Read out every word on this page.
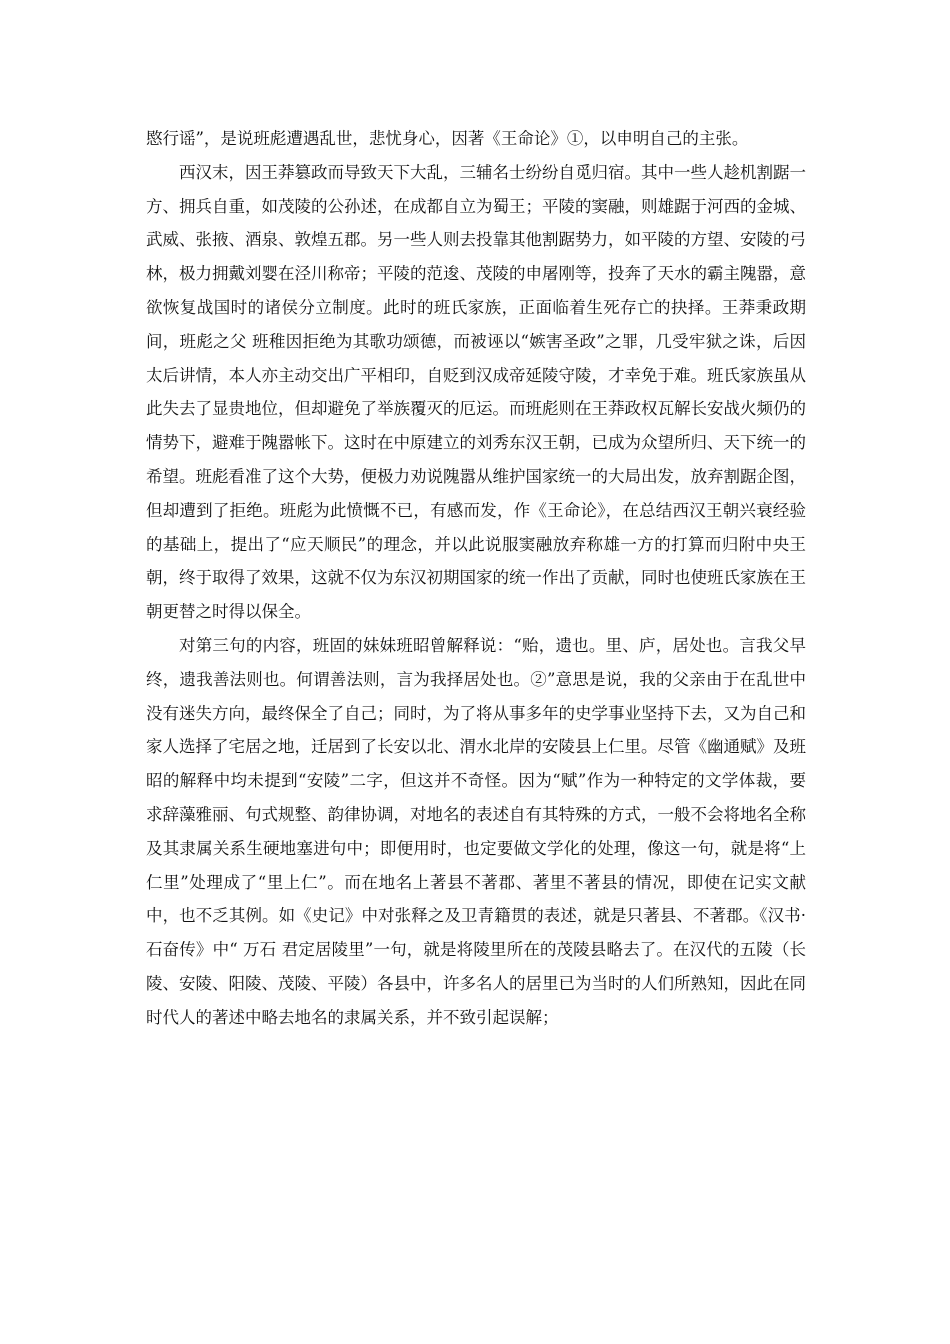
愍行谣”，是说班彪遭遇乱世，悲忧身心，因著《王命论》①，以申明自己的主张。

西汉末，因王莽篡政而导致天下大乱，三辅名士纷纷自觅归宿。其中一些人趁机割踞一方、拥兵自重，如茂陵的公孙述，在成都自立为蜀王；平陵的窦融，则雄踞于河西的金城、武威、张掖、酒泉、敦煌五郡。另一些人则去投靠其他割踞势力，如平陵的方望、安陵的弓林，极力拥戴刘婴在泾川称帝；平陵的范逡、茂陵的申屠刚等，投奔了天水的霸主隗嚣，意欲恢复战国时的诸侯分立制度。此时的班氏家族，正面临着生死存亡的抉择。王莽秉政期间，班彪之父 班稚因拒绝为其歌功颂德，而被诬以“嫉害圣政”之罪，几受牢狱之诛，后因太后讲情，本人亦主动交出广平相印，自贬到汉成帝延陵守陵，才幸免于难。班氏家族虽从此失去了显贵地位，但却避免了举族覆灭的厄运。而班彪则在王莽政权瓦解长安战火频仍的情势下，避难于隗嚣帐下。这时在中原建立的刘秀东汉王朝，已成为众望所归、天下统一的希望。班彪看准了这个大势，便极力劝说隗嚣从维护国家统一的大局出发，放弃割踞企图，但却遭到了拒绝。班彪为此愤慨不已，有感而发，作《王命论》，在总结西汉王朝兴衰经验的基础上，提出了“应天顺民”的理念，并以此说服窦融放弃称雄一方的打算而归附中央王朝，终于取得了效果，这就不仅为东汉初期国家的统一作出了贡献，同时也使班氏家族在王朝更替之时得以保全。

对第三句的内容，班固的妹妹班昭曾解释说：“贻，遗也。里、庐，居处也。言我父早终，遗我善法则也。何谓善法则，言为我择居处也。②”意思是说，我的父亲由于在乱世中没有迷失方向，最终保全了自己；同时，为了将从事多年的史学事业坚持下去，又为自己和家人选择了宅居之地，迁居到了长安以北、渭水北岸的安陵县上仁里。尽管《幽通赋》及班昭的解释中均未提到“安陵”二字，但这并不奇怪。因为“赋”作为一种特定的文学体裁，要求辞藻雅丽、句式规整、韵律协调，对地名的表述自有其特殊的方式，一般不会将地名全称及其隶属关系生硬地塞进句中；即便用时，也定要做文学化的处理，像这一句，就是将“上仁里”处理成了“里上仁”。而在地名上著县不著郡、著里不著县的情况，即使在记实文献中，也不乏其例。如《史记》中对张释之及卫青籍贯的表述，就是只著县、不著郡。《汉书·石奋传》中“ 万石 君定居陵里”一句，就是将陵里所在的茂陵县略去了。在汉代的五陵（长陵、安陵、阳陵、茂陵、平陵）各县中，许多名人的居里已为当时的人们所熟知，因此在同时代人的著述中略去地名的隶属关系，并不致引起误解；
